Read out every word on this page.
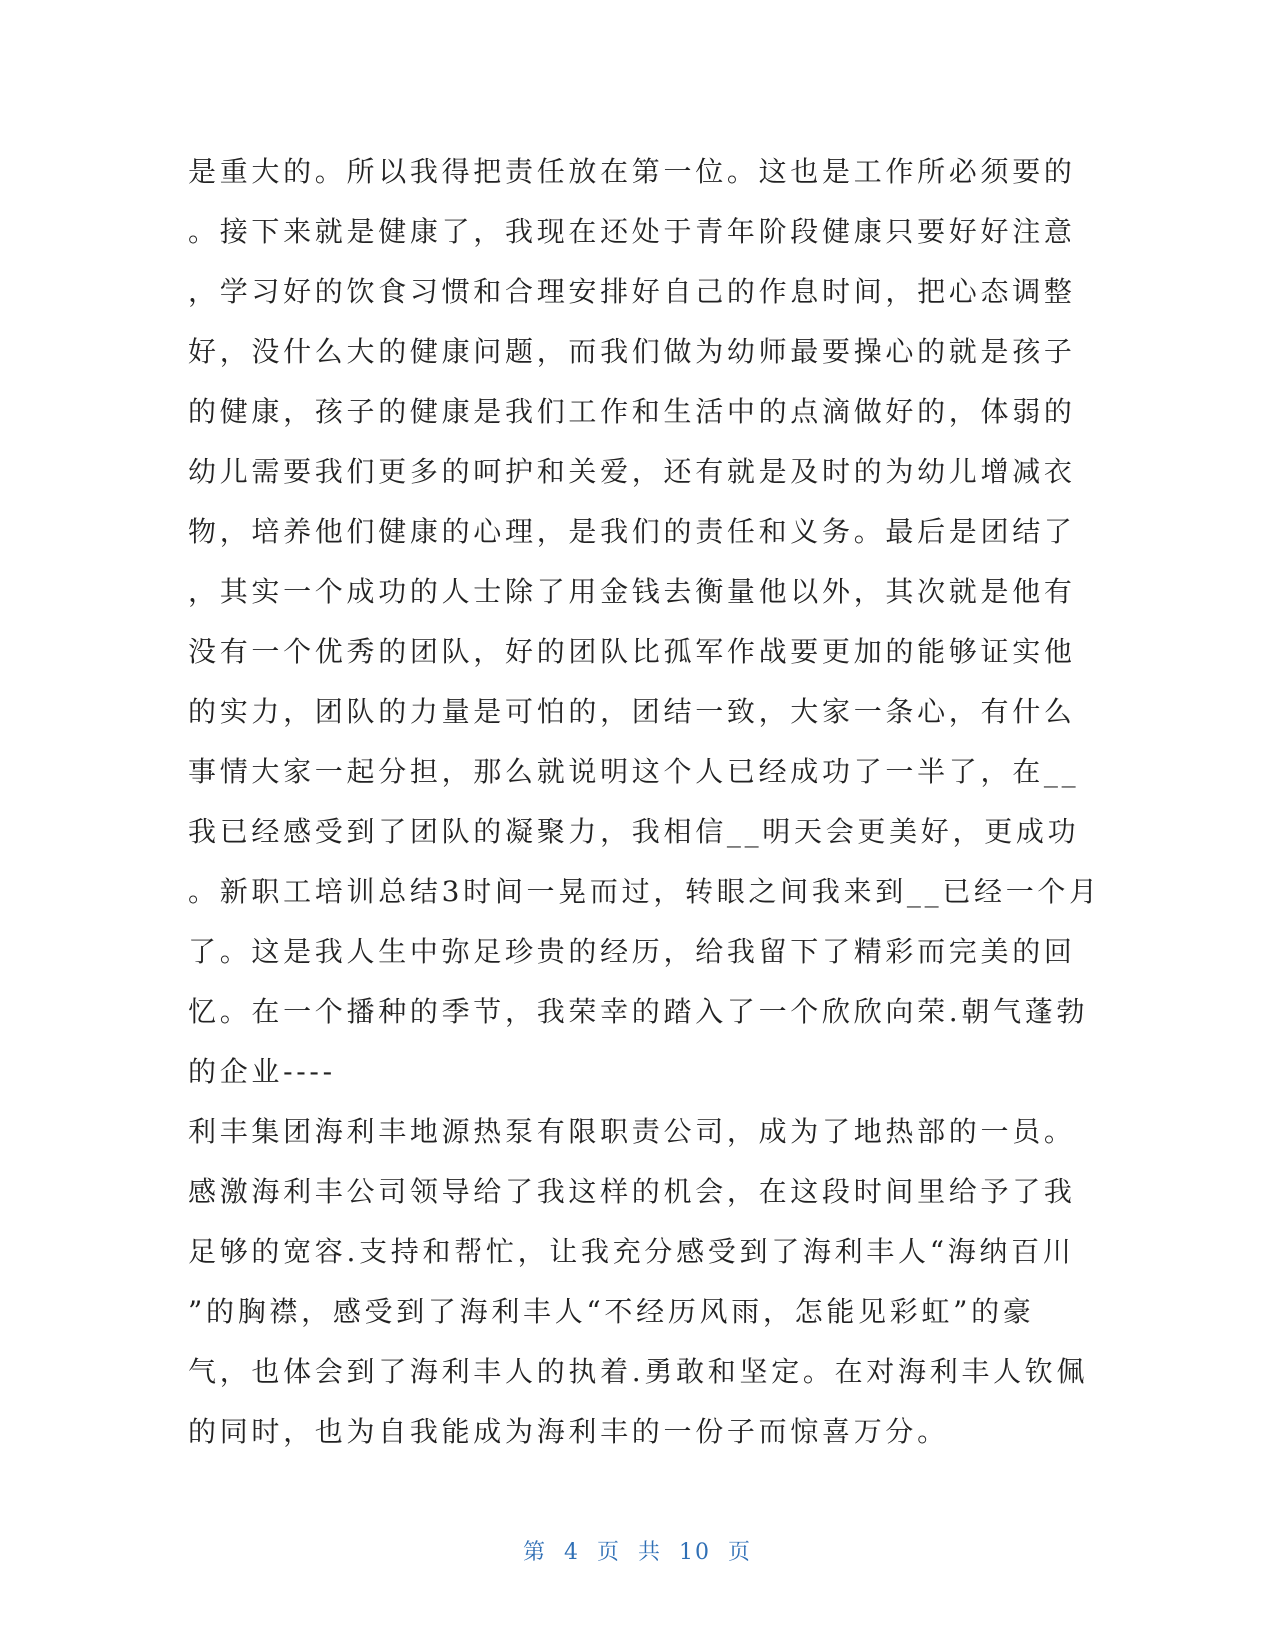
是重大的。所以我得把责任放在第一位。这也是工作所必须要的
。接下来就是健康了，我现在还处于青年阶段健康只要好好注意
，学习好的饮食习惯和合理安排好自己的作息时间，把心态调整
好，没什么大的健康问题，而我们做为幼师最要操心的就是孩子
的健康，孩子的健康是我们工作和生活中的点滴做好的，体弱的
幼儿需要我们更多的呵护和关爱，还有就是及时的为幼儿增减衣
物，培养他们健康的心理，是我们的责任和义务。最后是团结了
，其实一个成功的人士除了用金钱去衡量他以外，其次就是他有
没有一个优秀的团队，好的团队比孤军作战要更加的能够证实他
的实力，团队的力量是可怕的，团结一致，大家一条心，有什么
事情大家一起分担，那么就说明这个人已经成功了一半了，在__
我已经感受到了团队的凝聚力，我相信__明天会更美好，更成功
。新职工培训总结3时间一晃而过，转眼之间我来到__已经一个月
了。这是我人生中弥足珍贵的经历，给我留下了精彩而完美的回
忆。在一个播种的季节，我荣幸的踏入了一个欣欣向荣.朝气蓬勃
的企业----
利丰集团海利丰地源热泵有限职责公司，成为了地热部的一员。
感激海利丰公司领导给了我这样的机会，在这段时间里给予了我
足够的宽容.支持和帮忙，让我充分感受到了海利丰人“海纳百川
”的胸襟，感受到了海利丰人“不经历风雨，怎能见彩虹”的豪
气，也体会到了海利丰人的执着.勇敢和坚定。在对海利丰人钦佩
的同时，也为自我能成为海利丰的一份子而惊喜万分。
第 4 页 共 10 页
